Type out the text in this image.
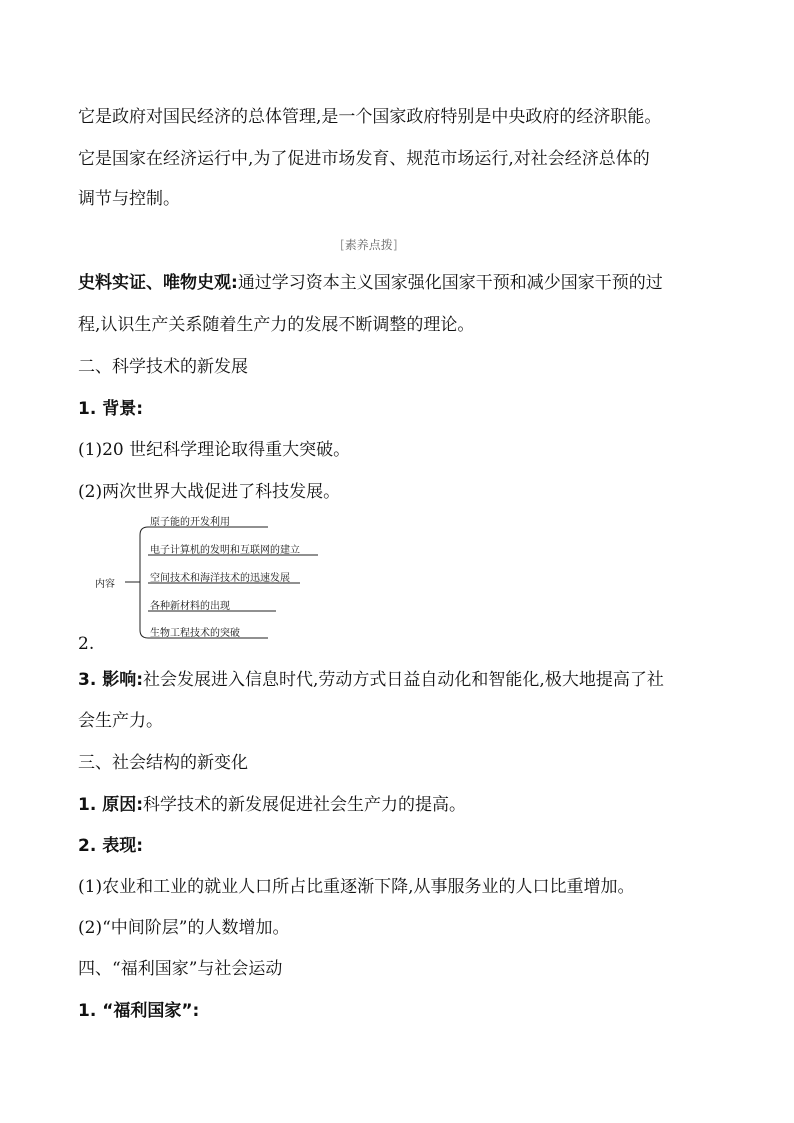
它是政府对国民经济的总体管理,是一个国家政府特别是中央政府的经济职能。
它是国家在经济运行中,为了促进市场发育、规范市场运行,对社会经济总体的
调节与控制。
[素养点拨]
史料实证、唯物史观:通过学习资本主义国家强化国家干预和减少国家干预的过
程,认识生产关系随着生产力的发展不断调整的理论。
二、科学技术的新发展
1. 背景:
(1)20 世纪科学理论取得重大突破。
(2)两次世界大战促进了科技发展。
内容
原子能的开发利用
电子计算机的发明和互联网的建立
空间技术和海洋技术的迅速发展
各种新材料的出现
生物工程技术的突破
2.
3. 影响:社会发展进入信息时代,劳动方式日益自动化和智能化,极大地提高了社
会生产力。
三、社会结构的新变化
1. 原因:科学技术的新发展促进社会生产力的提高。
2. 表现:
(1)农业和工业的就业人口所占比重逐渐下降,从事服务业的人口比重增加。
(2)“中间阶层”的人数增加。
四、“福利国家”与社会运动
1. “福利国家”:
